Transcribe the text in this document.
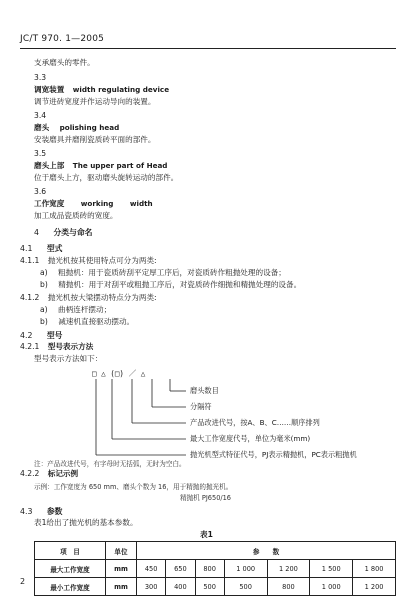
JC/T 970. 1—2005
支承磨头的零件。
3.3
调宽装置 width regulating device
调节进砖宽度并作运动导向的装置。
3.4
磨头 polishing head
安装磨具并磨削瓷质砖平面的部件。
3.5
磨头上部 The upper part of Head
位于磨头上方，驱动磨头旋转运动的部件。
3.6
工作宽度 working width
加工成品瓷质砖的宽度。
4 分类与命名
4.1 型式
4.1.1 抛光机按其使用特点可分为两类:
a) 粗抛机：用于瓷质砖刮平定厚工序后，对瓷质砖作粗抛处理的设备；
b) 精抛机：用于对刮平或粗抛工序后，对瓷质砖作细抛和精抛处理的设备。
4.1.2 抛光机按大梁摆动特点分为两类:
a) 曲柄连杆摆动；
b) 减速机直接驱动摆动。
4.2 型号
4.2.1 型号表示方法
型号表示方法如下：
□ △ (□) ／ △
磨头数目
分隔符
产品改进代号，按A、B、C……顺序排列
最大工作宽度代号，单位为毫米(mm)
抛光机型式特征代号，PJ表示精抛机，PC表示粗抛机
注：产品改进代号，有字母时无括弧，无时为空白。
4.2.2 标记示例
示例：工作宽度为 650 mm、磨头个数为 16，用于精抛的抛光机。
精抛机 PJ650/16
4.3 参数
2
表1给出了抛光机的基本参数。
表1
项　目	单位	参　　数						
最大工作宽度	mm	450	650	800	1 000	1 200	1 500	1 800
最小工作宽度	mm	300	400	500	500	800	1 000	1 200
